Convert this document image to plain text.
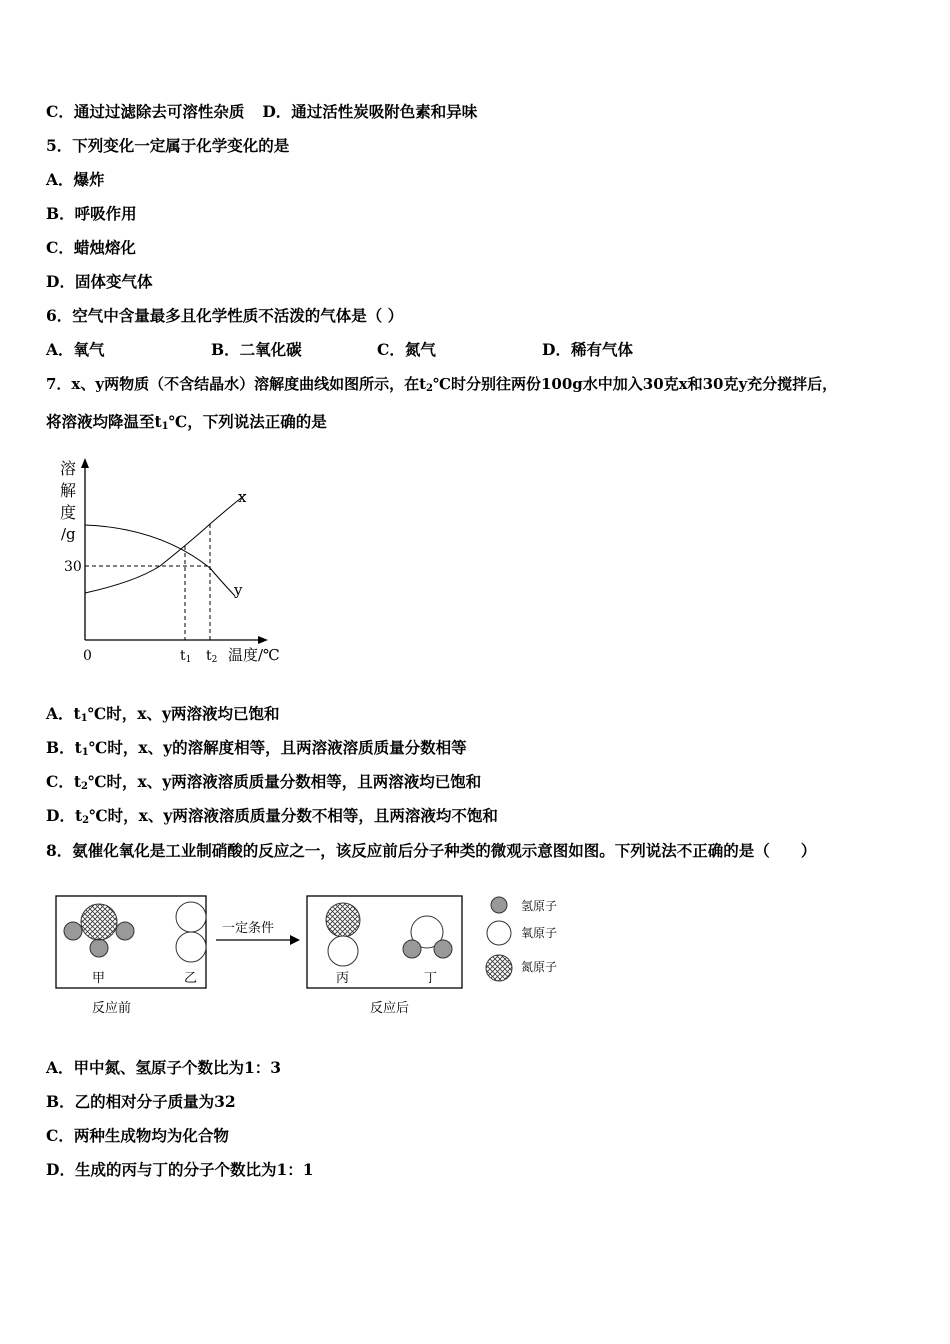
C．通过过滤除去可溶性杂质 D．通过活性炭吸附色素和异味
5．下列变化一定属于化学变化的是
A．爆炸
B．呼吸作用
C．蜡烛熔化
D．固体变气体
6．空气中含量最多且化学性质不活泼的气体是（ ）
A．氧气	B．二氧化碳	C．氮气	D．稀有气体
7．x、y两物质（不含结晶水）溶解度曲线如图所示，在$t_2℃$时分别往两份100g水中加入30克x和30克y充分搅拌后，
将溶液均降温至$t_1℃$，下列说法正确的是
溶
解
度
/g
x
y
30
0	t1 t2 温度/℃
A．$t_1℃$时，x、y两溶液均已饱和
B．$t_1℃$时，x、y的溶解度相等，且两溶液溶质质量分数相等
C．$t_2℃$时，x、y两溶液溶质质量分数相等，且两溶液均已饱和
D．$t_2℃$时，x、y两溶液溶质质量分数不相等，且两溶液均不饱和
8．氨催化氧化是工业制硝酸的反应之一，该反应前后分子种类的微观示意图如图。下列说法不正确的是（　　）
甲	乙
反应前
一定条件
丙	丁
反应后
氢原子
氧原子
氮原子
A．甲中氮、氢原子个数比为1：3
B．乙的相对分子质量为32
C．两种生成物均为化合物
D．生成的丙与丁的分子个数比为1：1
